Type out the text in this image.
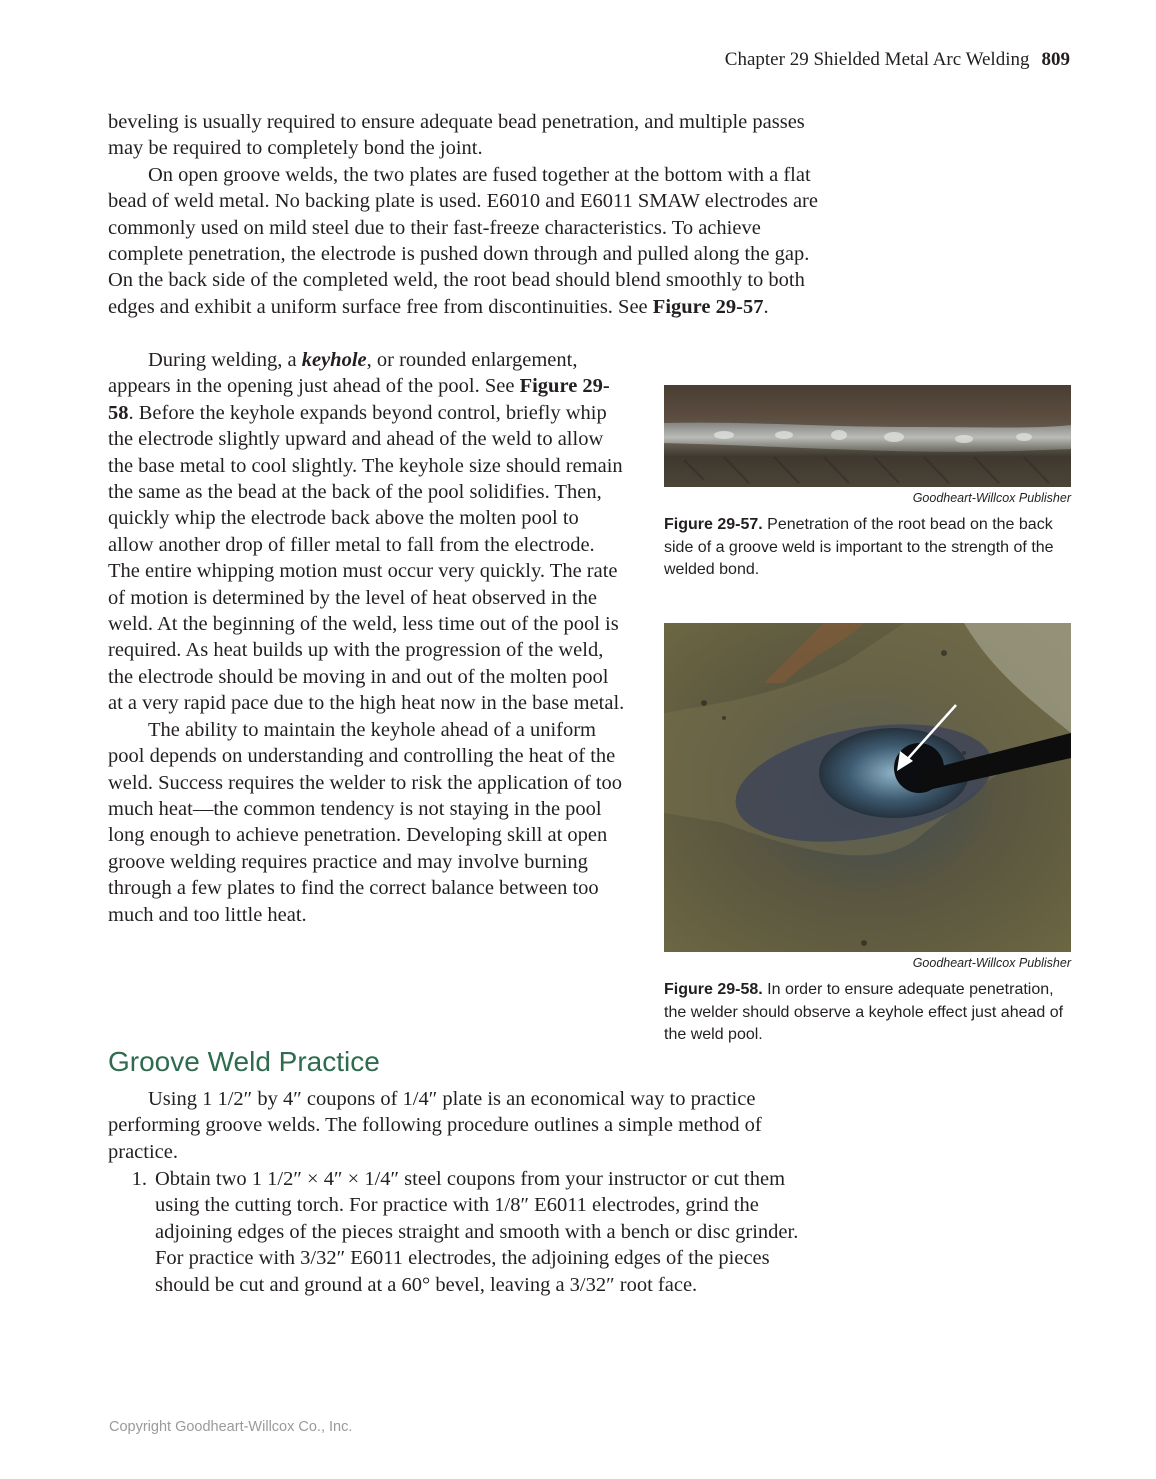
Chapter 29 Shielded Metal Arc Welding 809

beveling is usually required to ensure adequate bead penetration, and multiple passes may be required to completely bond the joint.

On open groove welds, the two plates are fused together at the bottom with a flat bead of weld metal. No backing plate is used. E6010 and E6011 SMAW electrodes are commonly used on mild steel due to their fast-freeze characteristics. To achieve complete penetration, the electrode is pushed down through and pulled along the gap. On the back side of the completed weld, the root bead should blend smoothly to both edges and exhibit a uniform surface free from discontinuities. See Figure 29-57.

During welding, a keyhole, or rounded enlargement, appears in the opening just ahead of the pool. See Figure 29-58. Before the keyhole expands beyond control, briefly whip the electrode slightly upward and ahead of the weld to allow the base metal to cool slightly. The keyhole size should remain the same as the bead at the back of the pool solidifies. Then, quickly whip the electrode back above the molten pool to allow another drop of filler metal to fall from the electrode. The entire whipping motion must occur very quickly. The rate of motion is determined by the level of heat observed in the weld. At the beginning of the weld, less time out of the pool is required. As heat builds up with the progression of the weld, the electrode should be moving in and out of the molten pool at a very rapid pace due to the high heat now in the base metal.

The ability to maintain the keyhole ahead of a uniform pool depends on understanding and controlling the heat of the weld. Success requires the welder to risk the application of too much heat—the common tendency is not staying in the pool long enough to achieve penetration. Developing skill at open groove welding requires practice and may involve burning through a few plates to find the correct balance between too much and too little heat.

Goodheart-Willcox Publisher
Figure 29-57. Penetration of the root bead on the back side of a groove weld is important to the strength of the welded bond.
Goodheart-Willcox Publisher
Figure 29-58. In order to ensure adequate penetration, the welder should observe a keyhole effect just ahead of the weld pool.
Groove Weld Practice

Using 1 1/2″ by 4″ coupons of 1/4″ plate is an economical way to practice performing groove welds. The following procedure outlines a simple method of practice.

1. Obtain two 1 1/2″ × 4″ × 1/4″ steel coupons from your instructor or cut them using the cutting torch. For practice with 1/8″ E6011 electrodes, grind the adjoining edges of the pieces straight and smooth with a bench or disc grinder. For practice with 3/32″ E6011 electrodes, the adjoining edges of the pieces should be cut and ground at a 60° bevel, leaving a 3/32″ root face.
Copyright Goodheart-Willcox Co., Inc.
